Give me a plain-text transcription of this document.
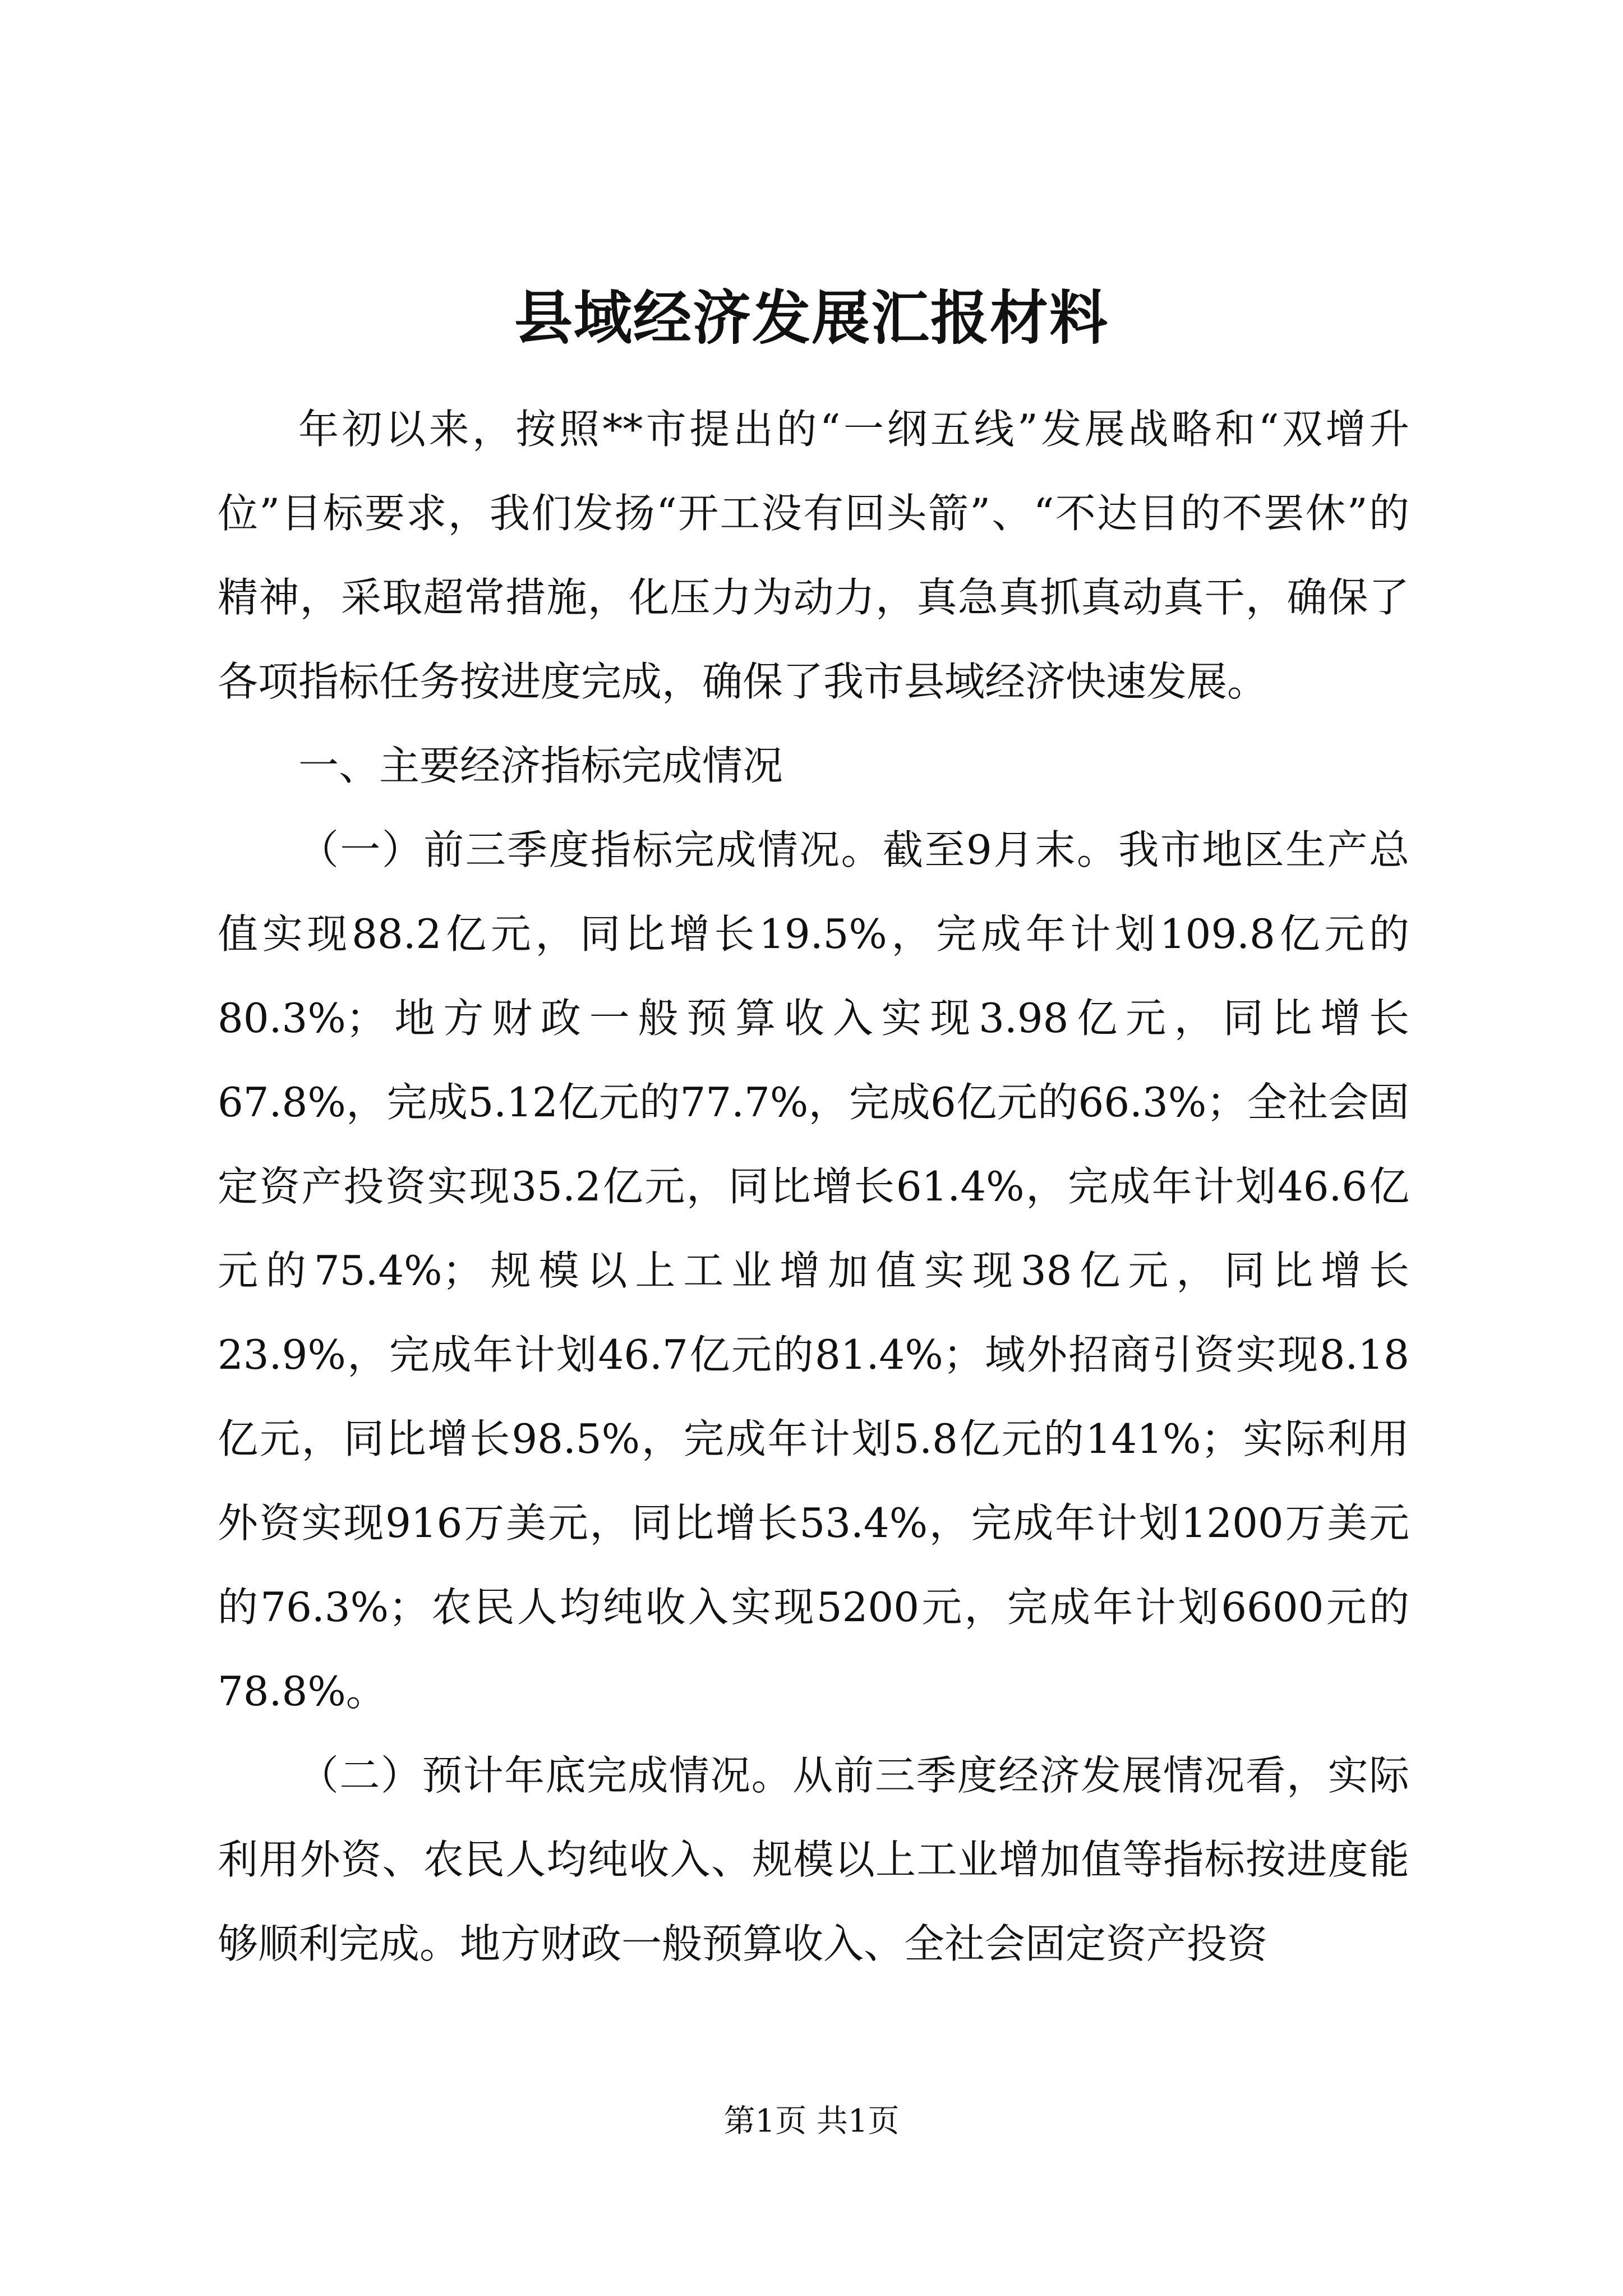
县域经济发展汇报材料

年初以来，按照**市提出的“一纲五线”发展战略和“双增升位”目标要求，我们发扬“开工没有回头箭”、“不达目的不罢休”的精神，采取超常措施，化压力为动力，真急真抓真动真干，确保了各项指标任务按进度完成，确保了我市县域经济快速发展。

一、主要经济指标完成情况

（一）前三季度指标完成情况。截至9月末。我市地区生产总值实现88.2亿元，同比增长19.5%，完成年计划109.8亿元的80.3%；地方财政一般预算收入实现3.98亿元，同比增长67.8%，完成5.12亿元的77.7%，完成6亿元的66.3%；全社会固定资产投资实现35.2亿元，同比增长61.4%，完成年计划46.6亿元的75.4%；规模以上工业增加值实现38亿元，同比增长23.9%，完成年计划46.7亿元的81.4%；域外招商引资实现8.18亿元，同比增长98.5%，完成年计划5.8亿元的141%；实际利用外资实现916万美元，同比增长53.4%，完成年计划1200万美元的76.3%；农民人均纯收入实现5200元，完成年计划6600元的78.8%。

（二）预计年底完成情况。从前三季度经济发展情况看，实际利用外资、农民人均纯收入、规模以上工业增加值等指标按进度能够顺利完成。地方财政一般预算收入、全社会固定资产投资

第1页 共1页
